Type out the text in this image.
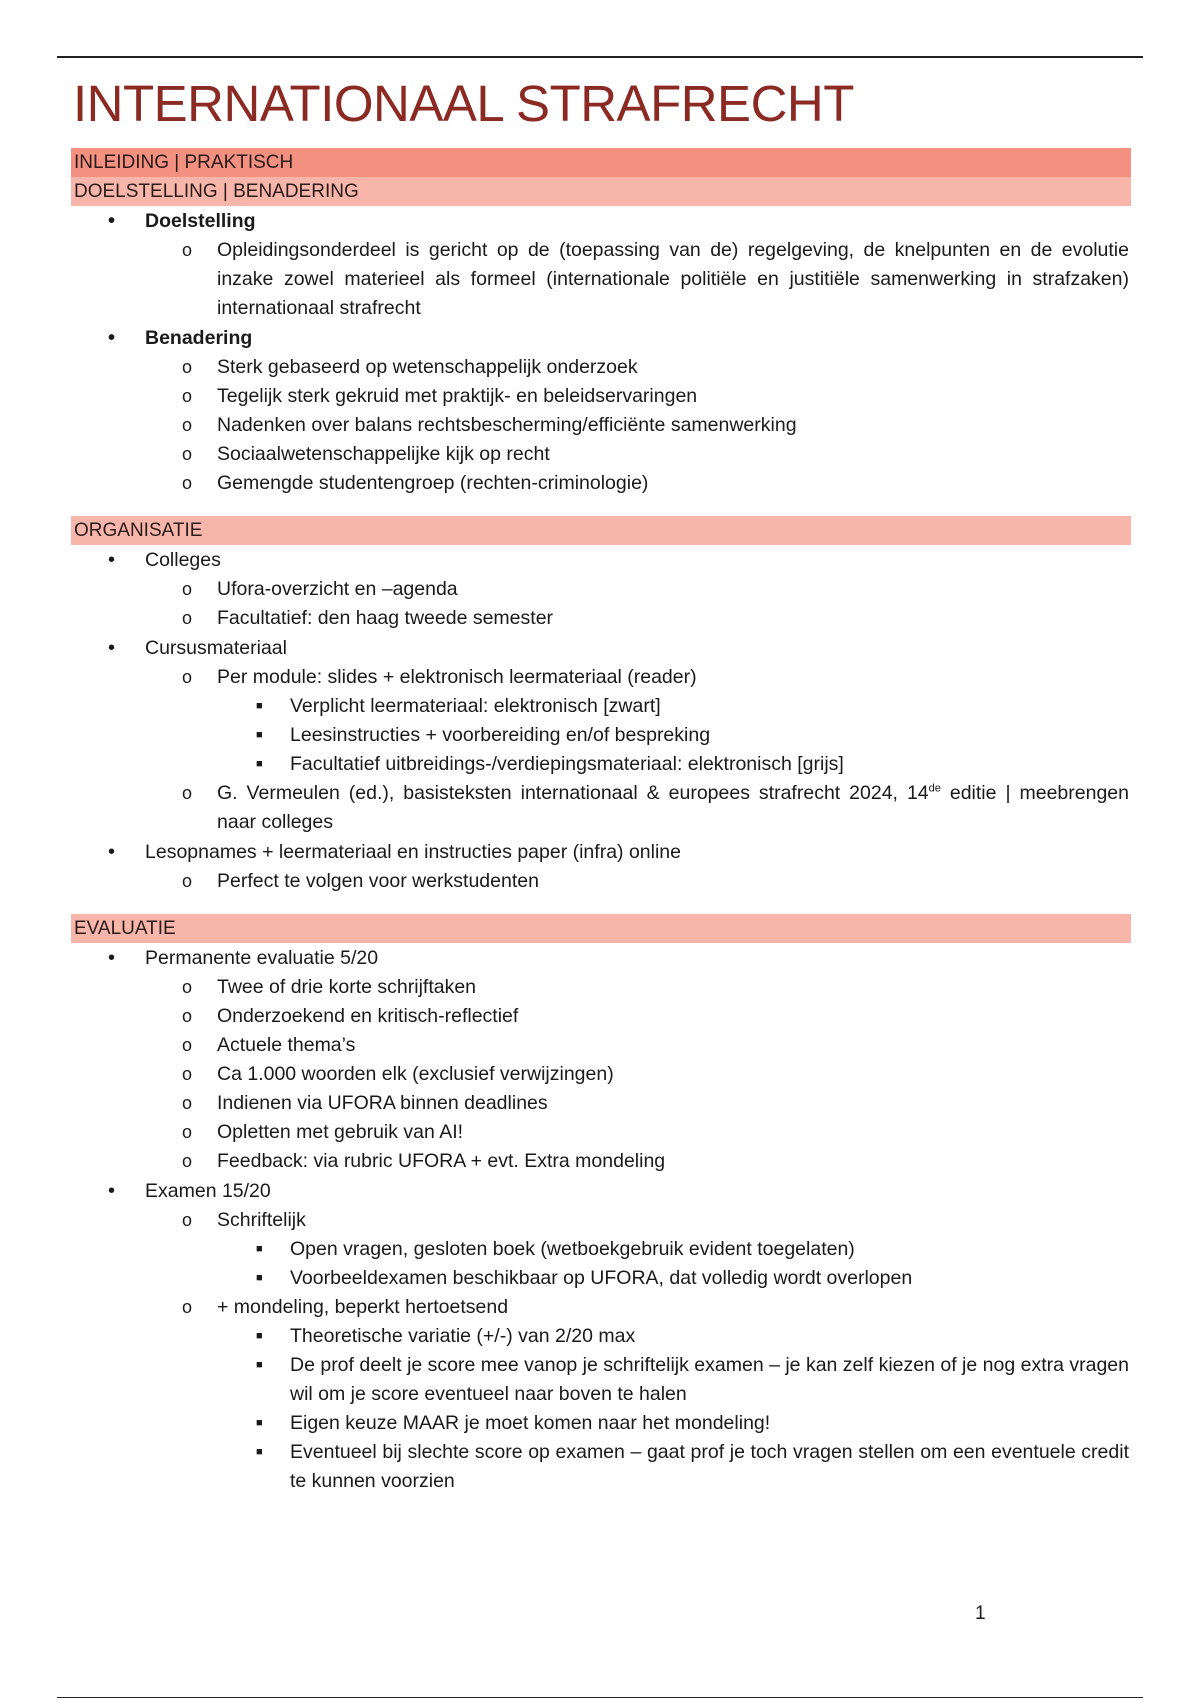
INTERNATIONAAL STRAFRECHT
INLEIDING | PRAKTISCH
DOELSTELLING | BENADERING
• Doelstelling
o Opleidingsonderdeel is gericht op de (toepassing van de) regelgeving, de knelpunten en de evolutie inzake zowel materieel als formeel (internationale politiële en justitiële samenwerking in strafzaken) internationaal strafrecht
• Benadering
o Sterk gebaseerd op wetenschappelijk onderzoek
o Tegelijk sterk gekruid met praktijk- en beleidservaringen
o Nadenken over balans rechtsbescherming/efficiënte samenwerking
o Sociaalwetenschappelijke kijk op recht
o Gemengde studentengroep (rechten-criminologie)
ORGANISATIE
• Colleges
o Ufora-overzicht en –agenda
o Facultatief: den haag tweede semester
• Cursusmateriaal
o Per module: slides + elektronisch leermateriaal (reader)
■ Verplicht leermateriaal: elektronisch [zwart]
■ Leesinstructies + voorbereiding en/of bespreking
■ Facultatief uitbreidings-/verdiepingsmateriaal: elektronisch [grijs]
o G. Vermeulen (ed.), basisteksten internationaal & europees strafrecht 2024, 14de editie | meebrengen naar colleges
• Lesopnames + leermateriaal en instructies paper (infra) online
o Perfect te volgen voor werkstudenten
EVALUATIE
• Permanente evaluatie 5/20
o Twee of drie korte schrijftaken
o Onderzoekend en kritisch-reflectief
o Actuele thema’s
o Ca 1.000 woorden elk (exclusief verwijzingen)
o Indienen via UFORA binnen deadlines
o Opletten met gebruik van AI!
o Feedback: via rubric UFORA + evt. Extra mondeling
• Examen 15/20
o Schriftelijk
■ Open vragen, gesloten boek (wetboekgebruik evident toegelaten)
■ Voorbeeldexamen beschikbaar op UFORA, dat volledig wordt overlopen
o + mondeling, beperkt hertoetsend
■ Theoretische variatie (+/-) van 2/20 max
■ De prof deelt je score mee vanop je schriftelijk examen – je kan zelf kiezen of je nog extra vragen wil om je score eventueel naar boven te halen
■ Eigen keuze MAAR je moet komen naar het mondeling!
■ Eventueel bij slechte score op examen – gaat prof je toch vragen stellen om een eventuele credit te kunnen voorzien
1
